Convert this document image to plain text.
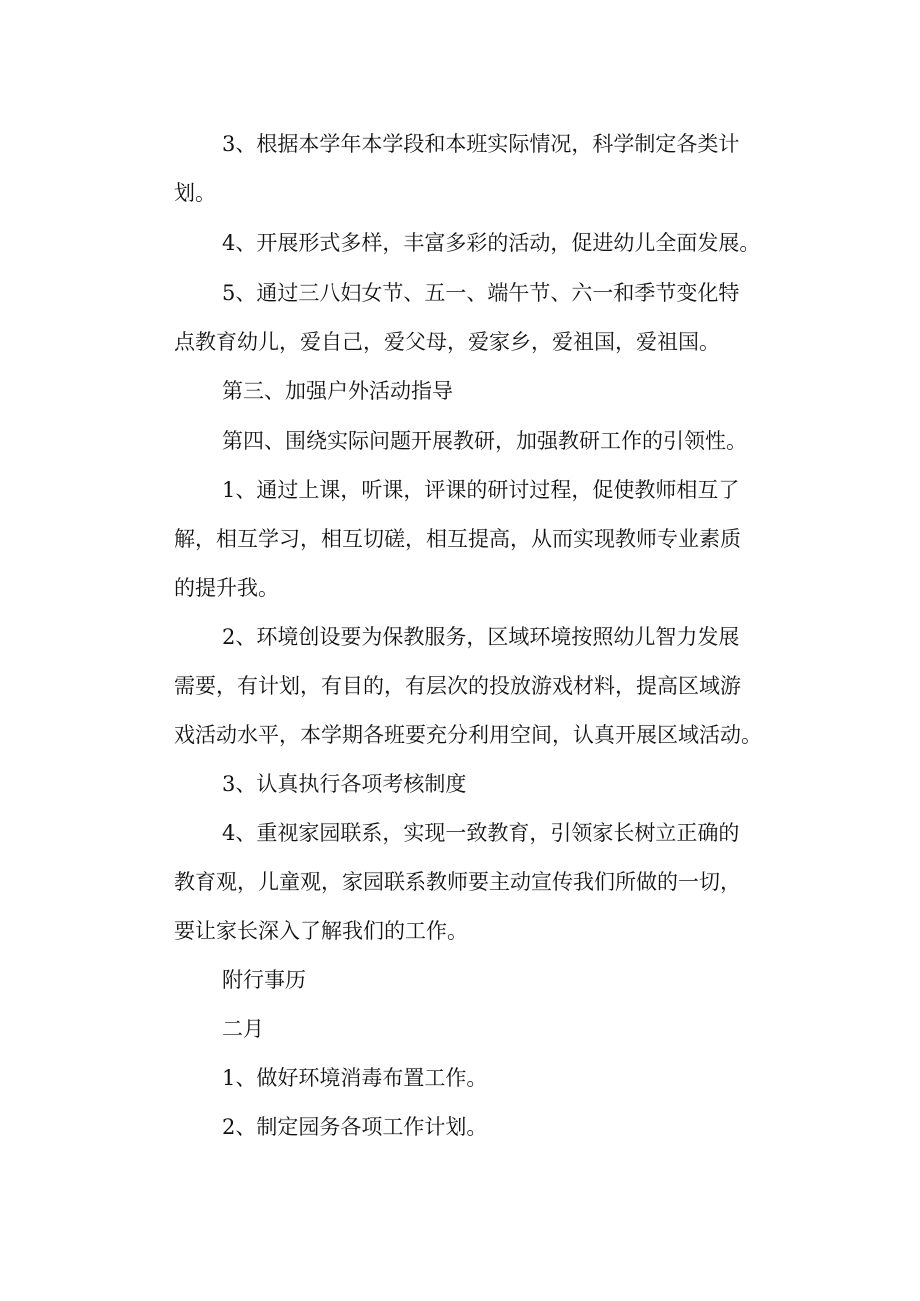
3、根据本学年本学段和本班实际情况，科学制定各类计
划。
4、开展形式多样，丰富多彩的活动，促进幼儿全面发展。
5、通过三八妇女节、五一、端午节、六一和季节变化特
点教育幼儿，爱自己，爱父母，爱家乡，爱祖国，爱祖国。
第三、加强户外活动指导
第四、围绕实际问题开展教研，加强教研工作的引领性。
1、通过上课，听课，评课的研讨过程，促使教师相互了
解，相互学习，相互切磋，相互提高，从而实现教师专业素质
的提升我。
2、环境创设要为保教服务，区域环境按照幼儿智力发展
需要，有计划，有目的，有层次的投放游戏材料，提高区域游
戏活动水平，本学期各班要充分利用空间，认真开展区域活动。
3、认真执行各项考核制度
4、重视家园联系，实现一致教育，引领家长树立正确的
教育观，儿童观，家园联系教师要主动宣传我们所做的一切，
要让家长深入了解我们的工作。
附行事历
二月
1、做好环境消毒布置工作。
2、制定园务各项工作计划。
